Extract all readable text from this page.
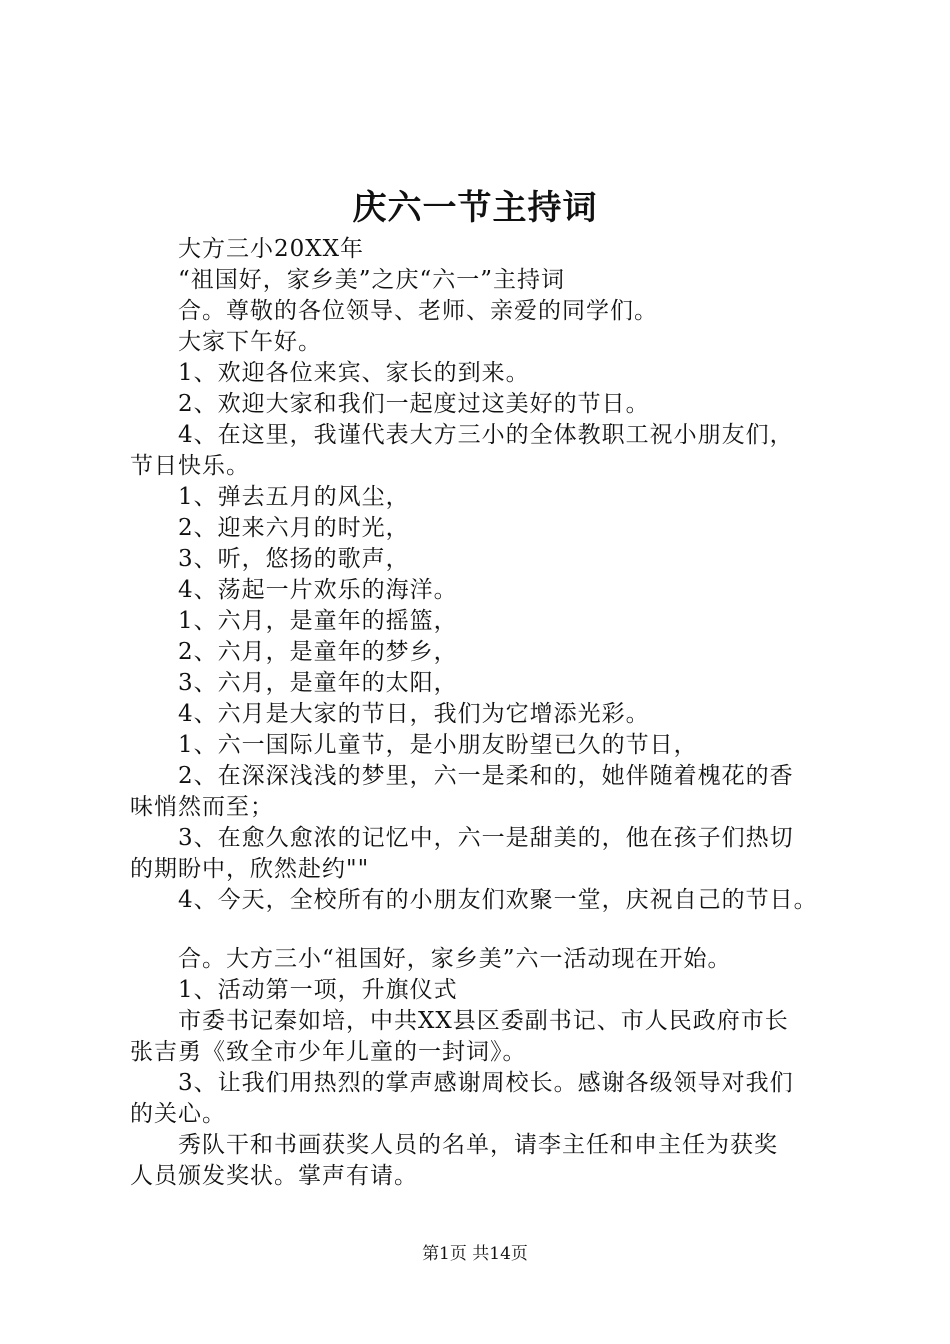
庆六一节主持词
大方三小20XX年
“祖国好，家乡美”之庆“六一”主持词
合。尊敬的各位领导、老师、亲爱的同学们。
大家下午好。
1、欢迎各位来宾、家长的到来。
2、欢迎大家和我们一起度过这美好的节日。
4、在这里，我谨代表大方三小的全体教职工祝小朋友们，
节日快乐。
1、弹去五月的风尘，
2、迎来六月的时光，
3、听，悠扬的歌声，
4、荡起一片欢乐的海洋。
1、六月，是童年的摇篮，
2、六月，是童年的梦乡，
3、六月，是童年的太阳，
4、六月是大家的节日，我们为它增添光彩。
1、六一国际儿童节，是小朋友盼望已久的节日，
2、在深深浅浅的梦里，六一是柔和的，她伴随着槐花的香
味悄然而至；
3、在愈久愈浓的记忆中，六一是甜美的，他在孩子们热切
的期盼中，欣然赴约""
4、今天，全校所有的小朋友们欢聚一堂，庆祝自己的节日。
合。大方三小“祖国好，家乡美”六一活动现在开始。
1、活动第一项，升旗仪式
市委书记秦如培，中共XX县区委副书记、市人民政府市长
张吉勇《致全市少年儿童的一封词》。
3、让我们用热烈的掌声感谢周校长。感谢各级领导对我们
的关心。
秀队干和书画获奖人员的名单，请李主任和申主任为获奖
人员颁发奖状。掌声有请。
第1页 共14页
